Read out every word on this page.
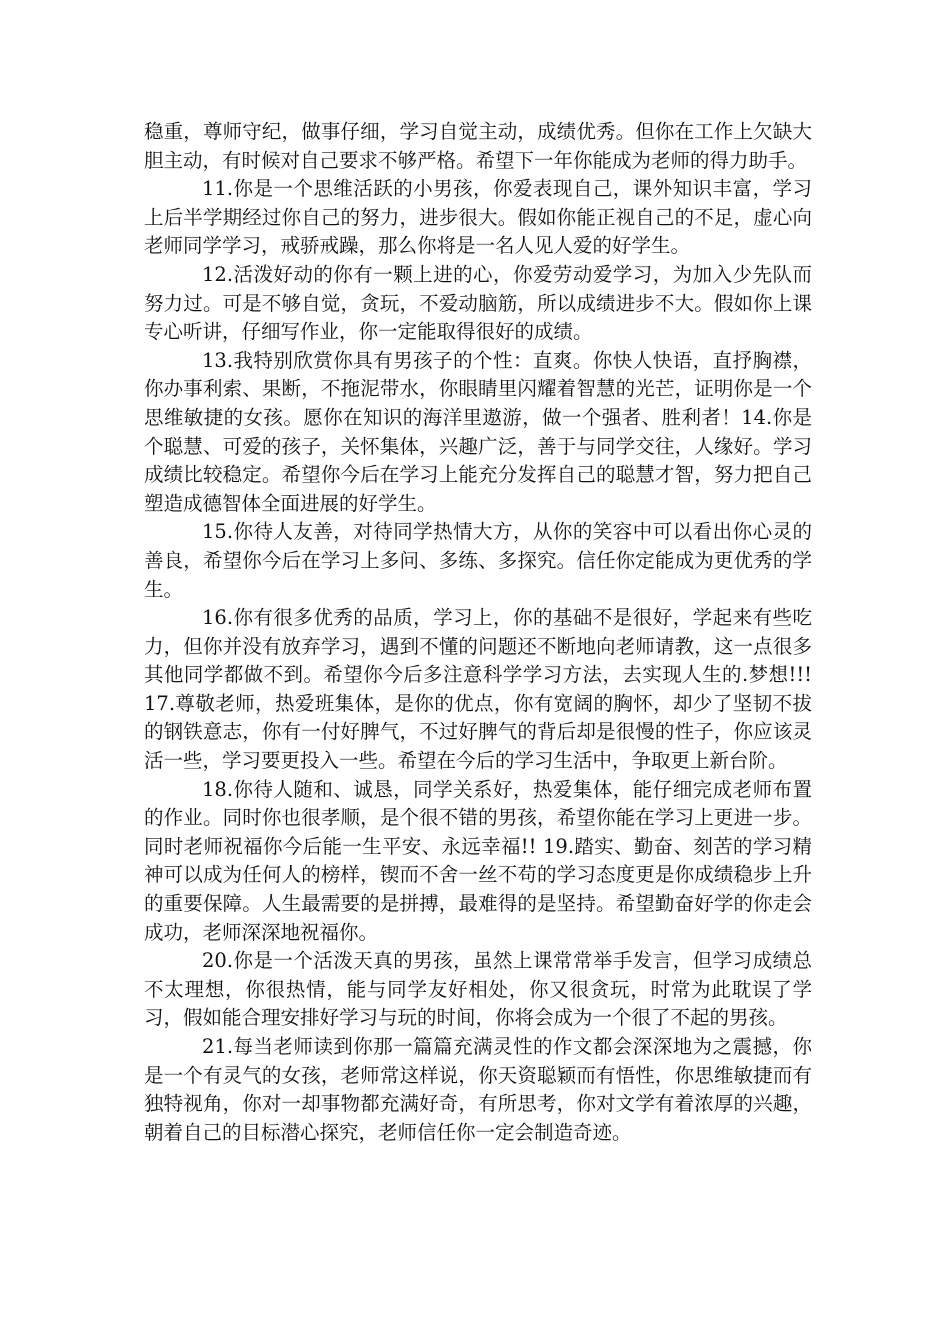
稳重，尊师守纪，做事仔细，学习自觉主动，成绩优秀。但你在工作上欠缺大胆主动，有时候对自己要求不够严格。希望下一年你能成为老师的得力助手。

11.你是一个思维活跃的小男孩，你爱表现自己，课外知识丰富，学习上后半学期经过你自己的努力，进步很大。假如你能正视自己的不足，虚心向老师同学学习，戒骄戒躁，那么你将是一名人见人爱的好学生。

12.活泼好动的你有一颗上进的心，你爱劳动爱学习，为加入少先队而努力过。可是不够自觉，贪玩，不爱动脑筋，所以成绩进步不大。假如你上课专心听讲，仔细写作业，你一定能取得很好的成绩。

13.我特别欣赏你具有男孩子的个性：直爽。你快人快语，直抒胸襟，你办事利索、果断，不拖泥带水，你眼睛里闪耀着智慧的光芒，证明你是一个思维敏捷的女孩。愿你在知识的海洋里遨游，做一个强者、胜利者！14.你是个聪慧、可爱的孩子，关怀集体，兴趣广泛，善于与同学交往，人缘好。学习成绩比较稳定。希望你今后在学习上能充分发挥自己的聪慧才智，努力把自己塑造成德智体全面进展的好学生。

15.你待人友善，对待同学热情大方，从你的笑容中可以看出你心灵的善良，希望你今后在学习上多问、多练、多探究。信任你定能成为更优秀的学生。

16.你有很多优秀的品质，学习上，你的基础不是很好，学起来有些吃力，但你并没有放弃学习，遇到不懂的问题还不断地向老师请教，这一点很多其他同学都做不到。希望你今后多注意科学学习方法，去实现人生的.梦想!!! 17.尊敬老师，热爱班集体，是你的优点，你有宽阔的胸怀，却少了坚韧不拔的钢铁意志，你有一付好脾气，不过好脾气的背后却是很慢的性子，你应该灵活一些，学习要更投入一些。希望在今后的学习生活中，争取更上新台阶。

18.你待人随和、诚恳，同学关系好，热爱集体，能仔细完成老师布置的作业。同时你也很孝顺，是个很不错的男孩，希望你能在学习上更进一步。同时老师祝福你今后能一生平安、永远幸福!! 19.踏实、勤奋、刻苦的学习精神可以成为任何人的榜样，锲而不舍一丝不苟的学习态度更是你成绩稳步上升的重要保障。人生最需要的是拼搏，最难得的是坚持。希望勤奋好学的你走会成功，老师深深地祝福你。

20.你是一个活泼天真的男孩，虽然上课常常举手发言，但学习成绩总不太理想，你很热情，能与同学友好相处，你又很贪玩，时常为此耽误了学习，假如能合理安排好学习与玩的时间，你将会成为一个很了不起的男孩。

21.每当老师读到你那一篇篇充满灵性的作文都会深深地为之震撼，你是一个有灵气的女孩，老师常这样说，你天资聪颖而有悟性，你思维敏捷而有独特视角，你对一却事物都充满好奇，有所思考，你对文学有着浓厚的兴趣，朝着自己的目标潜心探究，老师信任你一定会制造奇迹。
